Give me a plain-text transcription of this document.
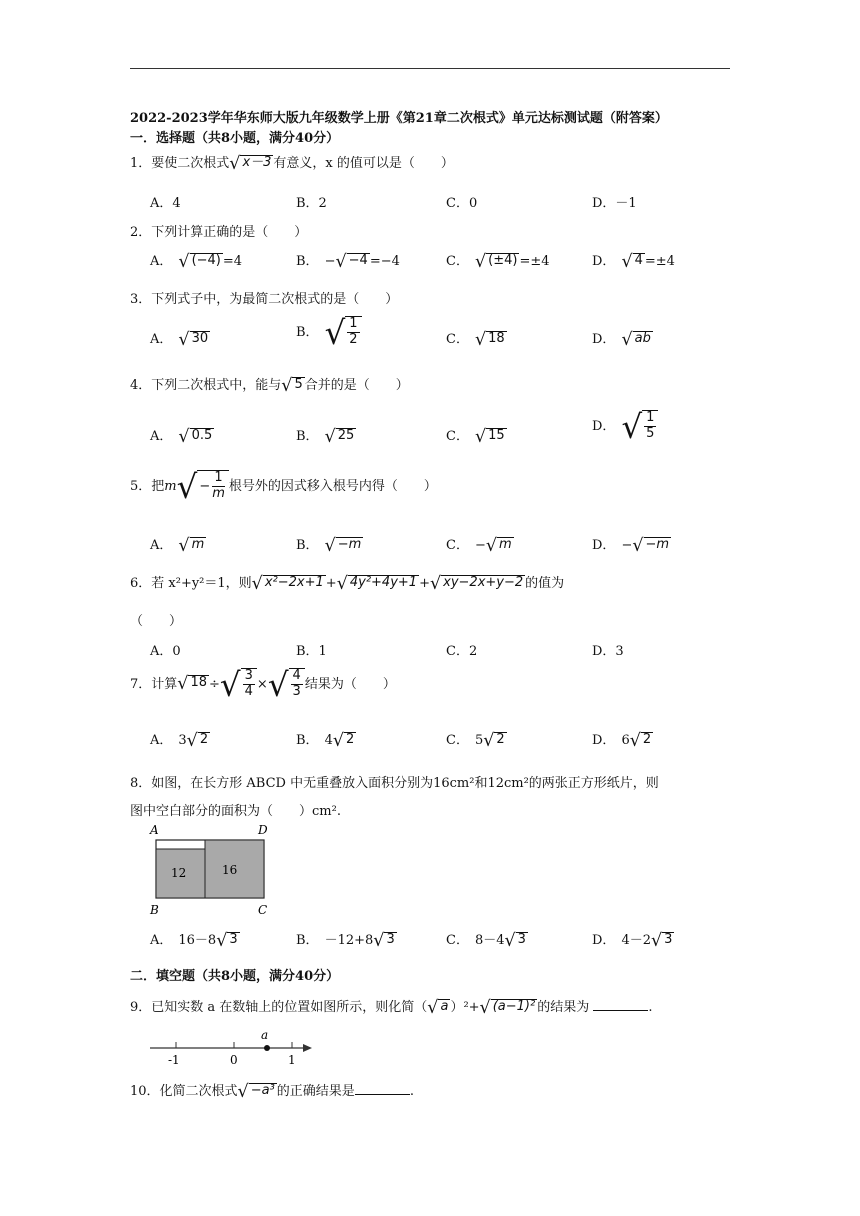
2022-2023学年华东师大版九年级数学上册《第21章二次根式》单元达标测试题（附答案）
一．选择题（共8小题，满分40分）
1．要使二次根式 √ x－3 有意义，x 的值可以是（　　）
A．4	B．2	C．0	D．－1
2．下列计算正确的是（　　）
A． √ (−4) =4	B． − √ −4 =−4	C． √ (±4) =±4	D． √ 4 =±4
3．下列式子中，为最简二次根式的是（　　）
A． √ 30	B． √ $\frac{1}{2}$	C． √ 18	D． √ ab
4．下列二次根式中，能与 √ 5 合并的是（　　）
A． √ 0.5	B． √ 25	C． √ 15
D． √ $\frac{1}{5}$
5．把m √ − $\frac{1}{m}$ 根号外的因式移入根号内得（　　）
A． √ m	B． √ −m	C． − √ m	D． − √ −m
6．若 x²+y²＝1，则 √ x²−2x+1 + √ 4y²+4y+1 + √ xy−2x+y−2 的值为
（　　）
A．0	B．1	C．2	D．3
7．计算 √ 18 ÷ √ $\frac{3}{4}$ × √ $\frac{4}{3}$ 结果为（　　）
A． 3 √ 2	B． 4 √ 2	C． 5 √ 2	D． 6 √ 2
8．如图，在长方形 ABCD 中无重叠放入面积分别为16cm²和12cm²的两张正方形纸片，则
图中空白部分的面积为（　　）cm².
12	16
A	D
B	C
A． 16－8 √ 3	B． －12+8 √ 3	C． 8－4 √ 3	D． 4－2 √ 3
二．填空题（共8小题，满分40分）
9．已知实数 a 在数轴上的位置如图所示，则化简（ √ a ）²+ √ (a−1)² 的结果为	.
a
-1	0	1
10．化简二次根式 √ −a³ 的正确结果是	.
